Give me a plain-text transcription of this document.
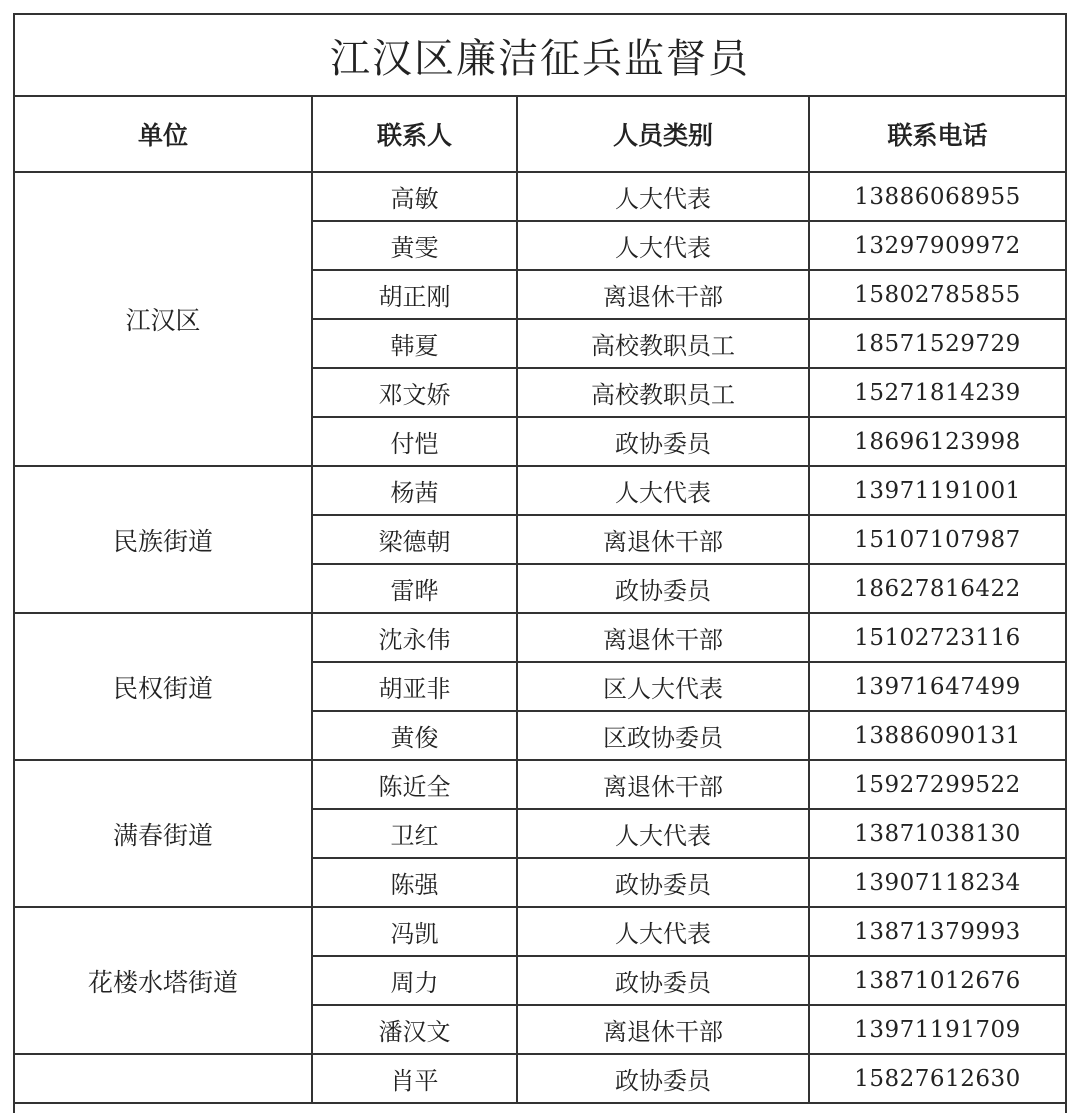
江汉区廉洁征兵监督员
单位	联系人	人员类别	联系电话
江汉区	高敏	人大代表	13886068955
	黄雯	人大代表	13297909972
	胡正刚	离退休干部	15802785855
	韩夏	高校教职员工	18571529729
	邓文娇	高校教职员工	15271814239
	付恺	政协委员	18696123998
民族街道	杨茜	人大代表	13971191001
	梁德朝	离退休干部	15107107987
	雷晔	政协委员	18627816422
民权街道	沈永伟	离退休干部	15102723116
	胡亚非	区人大代表	13971647499
	黄俊	区政协委员	13886090131
满春街道	陈近全	离退休干部	15927299522
	卫红	人大代表	13871038130
	陈强	政协委员	13907118234
花楼水塔街道	冯凯	人大代表	13871379993
	周力	政协委员	13871012676
	潘汉文	离退休干部	13971191709
	肖平	政协委员	15827612630
